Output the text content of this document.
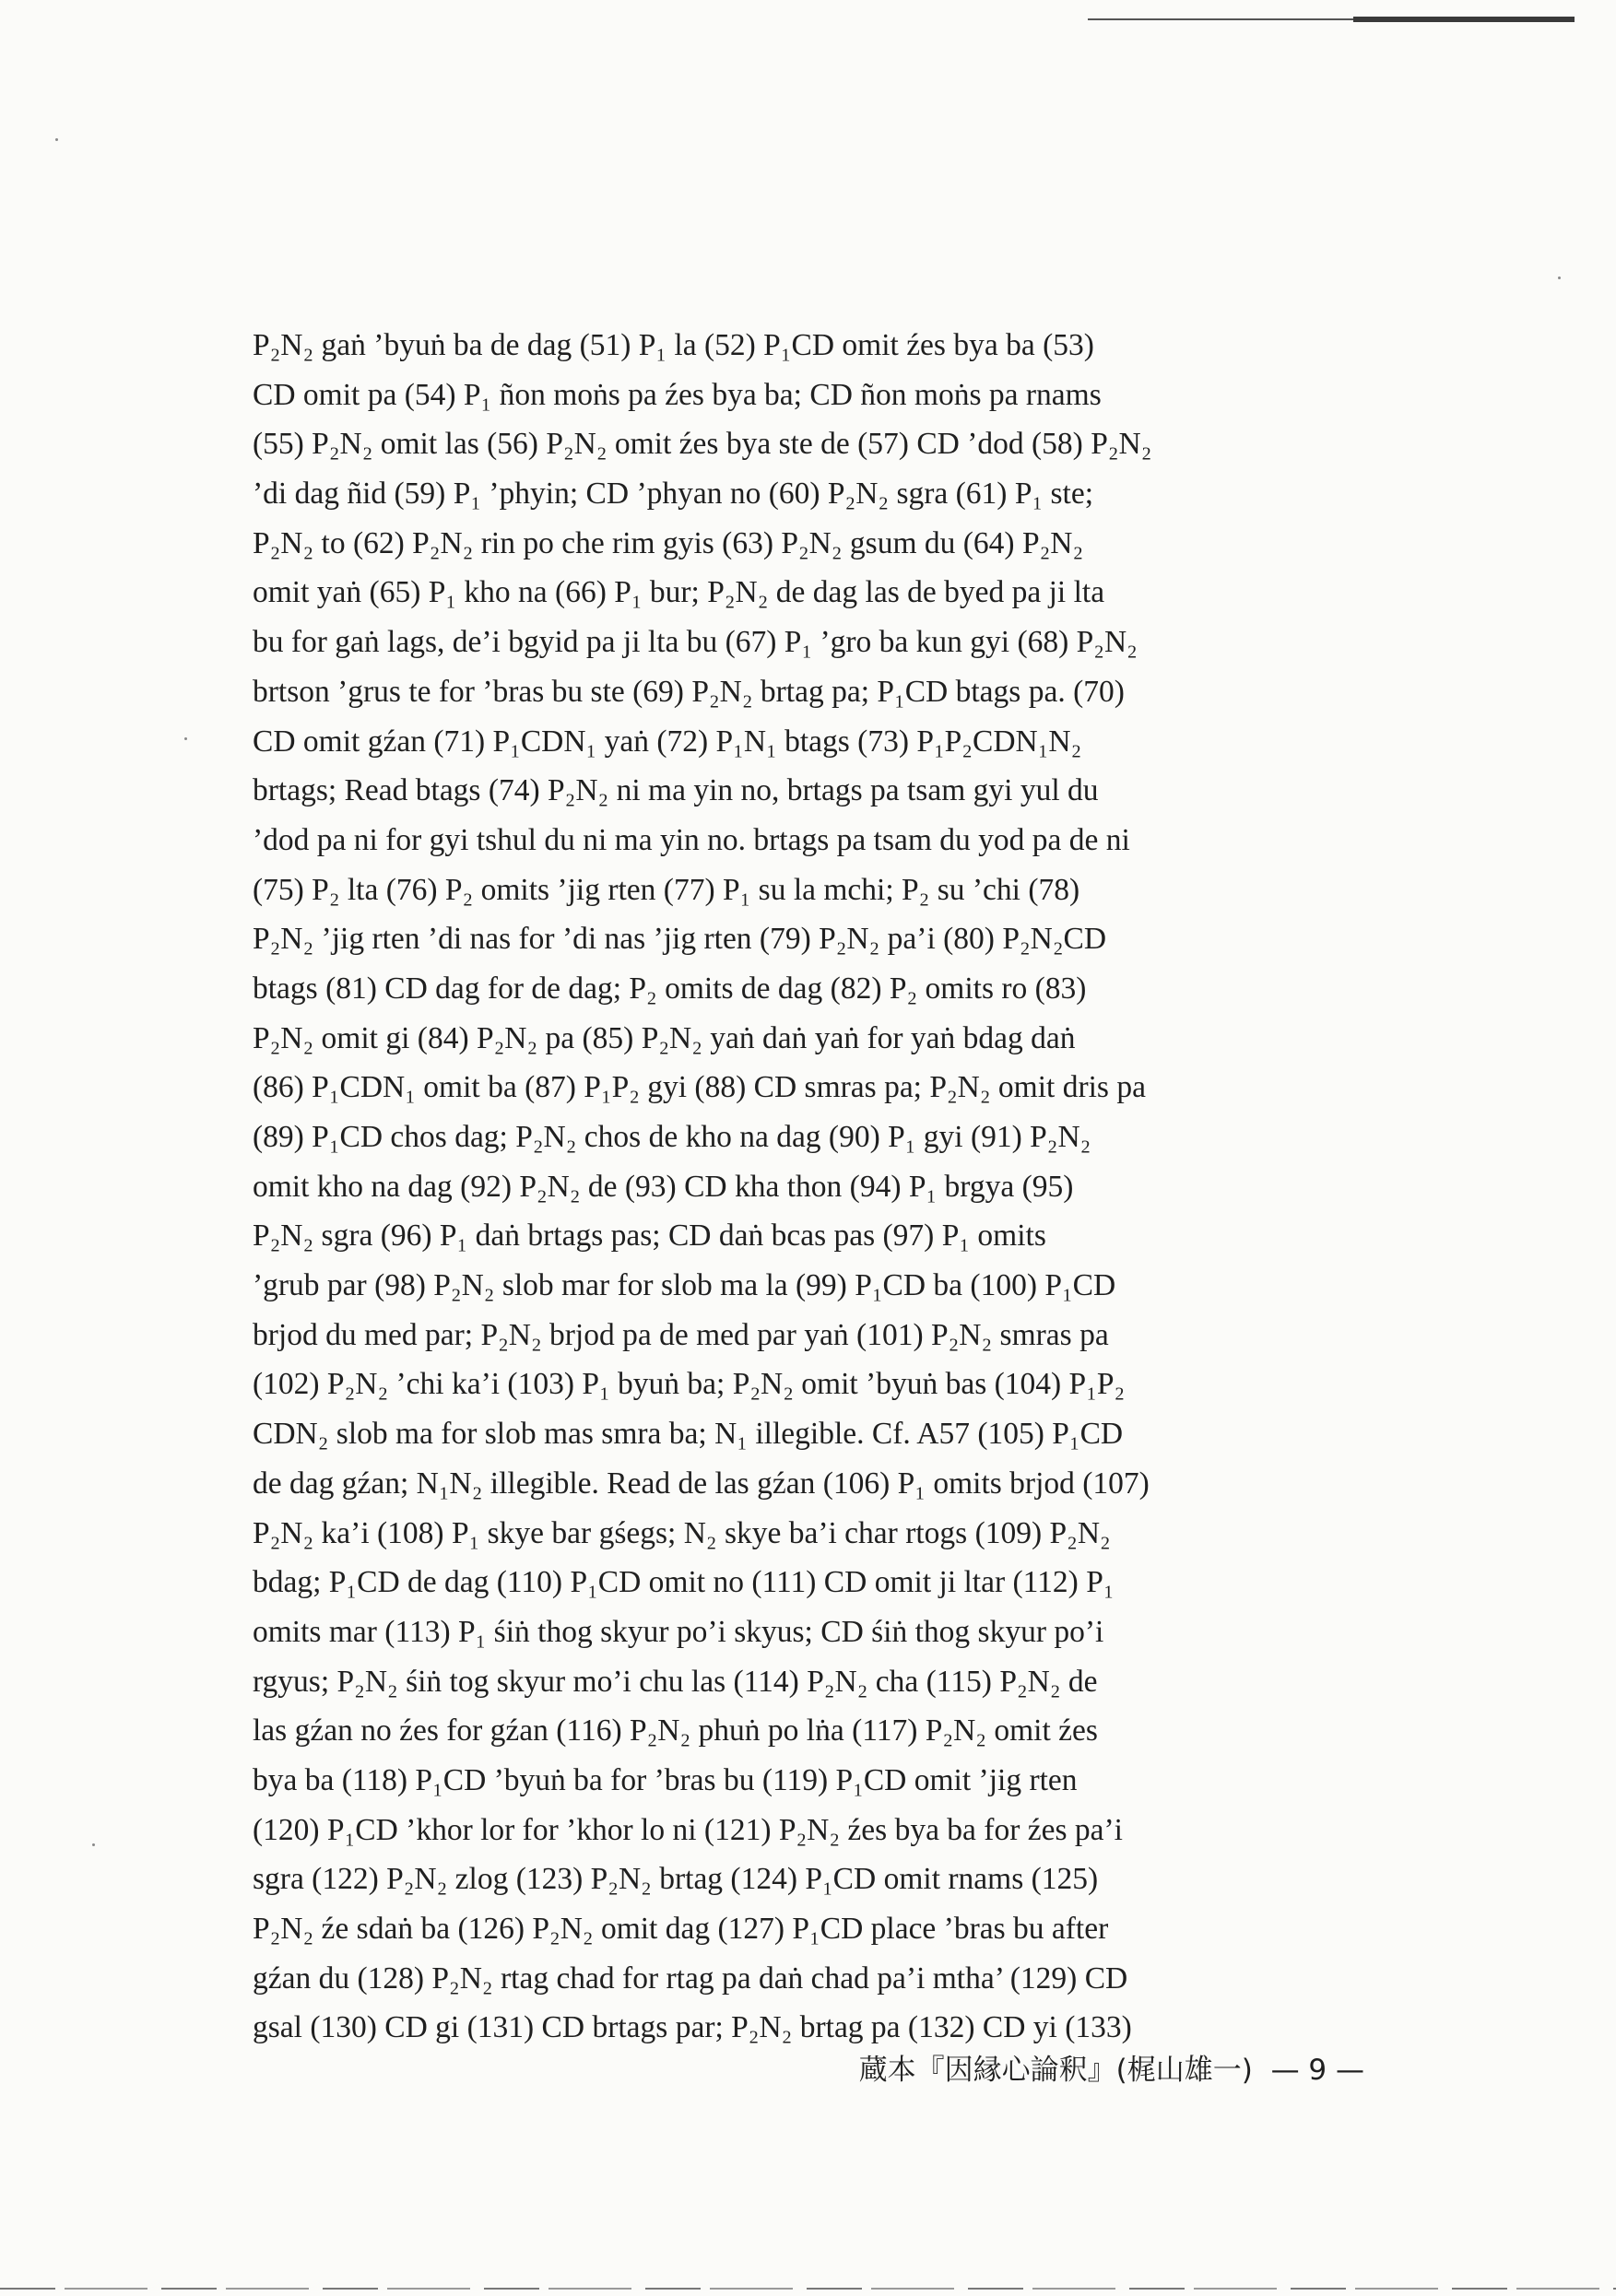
P₂N₂ gaṅ ’byuṅ ba de dag (51) P₁ la (52) P₁CD omit źes bya ba (53)
CD omit pa (54) P₁ ñon moṅs pa źes bya ba; CD ñon moṅs pa rnams
(55) P₂N₂ omit las (56) P₂N₂ omit źes bya ste de (57) CD ’dod (58) P₂N₂
’di dag ñid (59) P₁ ’phyin; CD ’phyan no (60) P₂N₂ sgra (61) P₁ ste;
P₂N₂ to (62) P₂N₂ rin po che rim gyis (63) P₂N₂ gsum du (64) P₂N₂
omit yaṅ (65) P₁ kho na (66) P₁ bur; P₂N₂ de dag las de byed pa ji lta
bu for gaṅ lags, de’i bgyid pa ji lta bu (67) P₁ ’gro ba kun gyi (68) P₂N₂
brtson ’grus te for ’bras bu ste (69) P₂N₂ brtag pa; P₁CD btags pa. (70)
CD omit gźan (71) P₁CDN₁ yaṅ (72) P₁N₁ btags (73) P₁P₂CDN₁N₂
brtags; Read btags (74) P₂N₂ ni ma yin no, brtags pa tsam gyi yul du
’dod pa ni for gyi tshul du ni ma yin no. brtags pa tsam du yod pa de ni
(75) P₂ lta (76) P₂ omits ’jig rten (77) P₁ su la mchi; P₂ su ’chi (78)
P₂N₂ ’jig rten ’di nas for ’di nas ’jig rten (79) P₂N₂ pa’i (80) P₂N₂CD
btags (81) CD dag for de dag; P₂ omits de dag (82) P₂ omits ro (83)
P₂N₂ omit gi (84) P₂N₂ pa (85) P₂N₂ yaṅ daṅ yaṅ for yaṅ bdag daṅ
(86) P₁CDN₁ omit ba (87) P₁P₂ gyi (88) CD smras pa; P₂N₂ omit dris pa
(89) P₁CD chos dag; P₂N₂ chos de kho na dag (90) P₁ gyi (91) P₂N₂
omit kho na dag (92) P₂N₂ de (93) CD kha thon (94) P₁ brgya (95)
P₂N₂ sgra (96) P₁ daṅ brtags pas; CD daṅ bcas pas (97) P₁ omits
’grub par (98) P₂N₂ slob mar for slob ma la (99) P₁CD ba (100) P₁CD
brjod du med par; P₂N₂ brjod pa de med par yaṅ (101) P₂N₂ smras pa
(102) P₂N₂ ’chi ka’i (103) P₁ byuṅ ba; P₂N₂ omit ’byuṅ bas (104) P₁P₂
CDN₂ slob ma for slob mas smra ba; N₁ illegible. Cf. A57 (105) P₁CD
de dag gźan; N₁N₂ illegible. Read de las gźan (106) P₁ omits brjod (107)
P₂N₂ ka’i (108) P₁ skye bar gśegs; N₂ skye ba’i char rtogs (109) P₂N₂
bdag; P₁CD de dag (110) P₁CD omit no (111) CD omit ji ltar (112) P₁
omits mar (113) P₁ śiṅ thog skyur po’i skyus; CD śiṅ thog skyur po’i
rgyus; P₂N₂ śiṅ tog skyur mo’i chu las (114) P₂N₂ cha (115) P₂N₂ de
las gźan no źes for gźan (116) P₂N₂ phuṅ po lṅa (117) P₂N₂ omit źes
bya ba (118) P₁CD ’byuṅ ba for ’bras bu (119) P₁CD omit ’jig rten
(120) P₁CD ’khor lor for ’khor lo ni (121) P₂N₂ źes bya ba for źes pa’i
sgra (122) P₂N₂ zlog (123) P₂N₂ brtag (124) P₁CD omit rnams (125)
P₂N₂ źe sdaṅ ba (126) P₂N₂ omit dag (127) P₁CD place ’bras bu after
gźan du (128) P₂N₂ rtag chad for rtag pa daṅ chad pa’i mtha’ (129) CD
gsal (130) CD gi (131) CD brtags par; P₂N₂ brtag pa (132) CD yi (133)
蔵本『因縁心論釈』(梶山雄一) — 9 —
